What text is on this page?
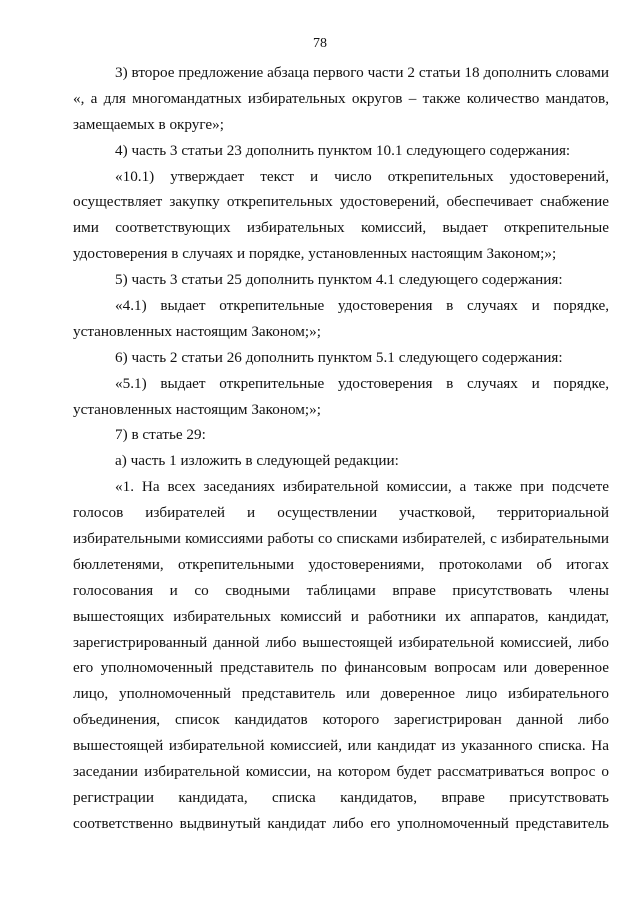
78
3) второе предложение абзаца первого части 2 статьи 18 дополнить словами
«, а для многомандатных избирательных округов – также количество мандатов,
замещаемых в округе»;
4) часть 3 статьи 23 дополнить пунктом 10.1 следующего содержания:
«10.1) утверждает текст и число открепительных удостоверений,
осуществляет закупку открепительных удостоверений, обеспечивает снабжение
ими соответствующих избирательных комиссий, выдает открепительные
удостоверения в случаях и порядке, установленных настоящим Законом;»;
5) часть 3 статьи 25 дополнить пунктом 4.1 следующего содержания:
«4.1) выдает открепительные удостоверения в случаях и порядке,
установленных настоящим Законом;»;
6) часть 2 статьи 26 дополнить пунктом 5.1 следующего содержания:
«5.1) выдает открепительные удостоверения в случаях и порядке,
установленных настоящим Законом;»;
7) в статье 29:
а) часть 1 изложить в следующей редакции:
«1. На всех заседаниях избирательной комиссии, а также при подсчете
голосов избирателей и осуществлении участковой, территориальной
избирательными комиссиями работы со списками избирателей, с избирательными
бюллетенями, открепительными удостоверениями, протоколами об итогах
голосования и со сводными таблицами вправе присутствовать члены
вышестоящих избирательных комиссий и работники их аппаратов, кандидат,
зарегистрированный данной либо вышестоящей избирательной комиссией, либо
его уполномоченный представитель по финансовым вопросам или доверенное
лицо, уполномоченный представитель или доверенное лицо избирательного
объединения, список кандидатов которого зарегистрирован данной либо
вышестоящей избирательной комиссией, или кандидат из указанного списка. На
заседании избирательной комиссии, на котором будет рассматриваться вопрос о
регистрации кандидата, списка кандидатов, вправе присутствовать
соответственно выдвинутый кандидат либо его уполномоченный представитель
